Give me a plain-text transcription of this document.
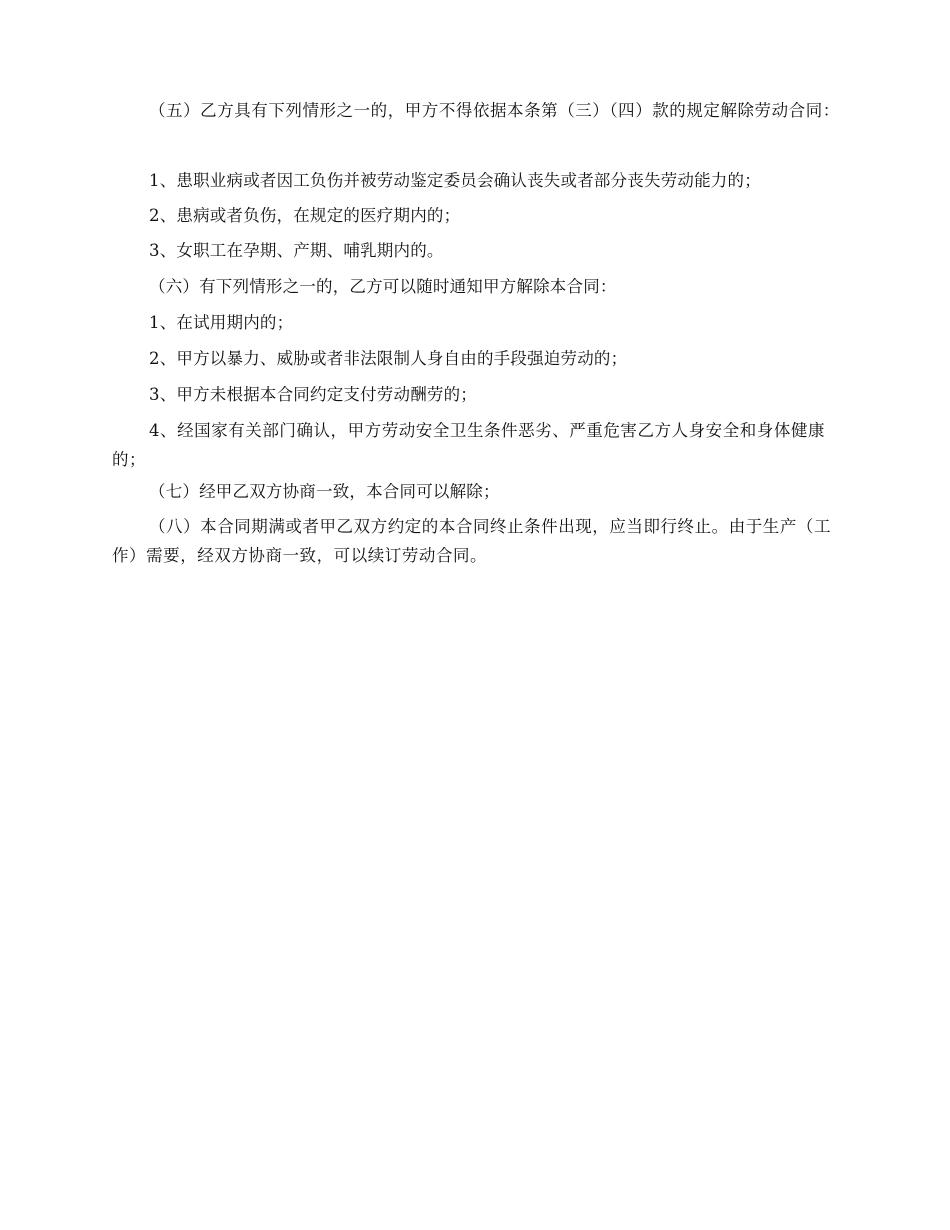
（五）乙方具有下列情形之一的，甲方不得依据本条第（三）（四）款的规定解除劳动合同：

1、患职业病或者因工负伤并被劳动鉴定委员会确认丧失或者部分丧失劳动能力的；

2、患病或者负伤，在规定的医疗期内的；

3、女职工在孕期、产期、哺乳期内的。

（六）有下列情形之一的，乙方可以随时通知甲方解除本合同：

1、在试用期内的；

2、甲方以暴力、威胁或者非法限制人身自由的手段强迫劳动的；

3、甲方未根据本合同约定支付劳动酬劳的；

4、经国家有关部门确认，甲方劳动安全卫生条件恶劣、严重危害乙方人身安全和身体健康的；

（七）经甲乙双方协商一致，本合同可以解除；

（八）本合同期满或者甲乙双方约定的本合同终止条件出现，应当即行终止。由于生产（工作）需要，经双方协商一致，可以续订劳动合同。
